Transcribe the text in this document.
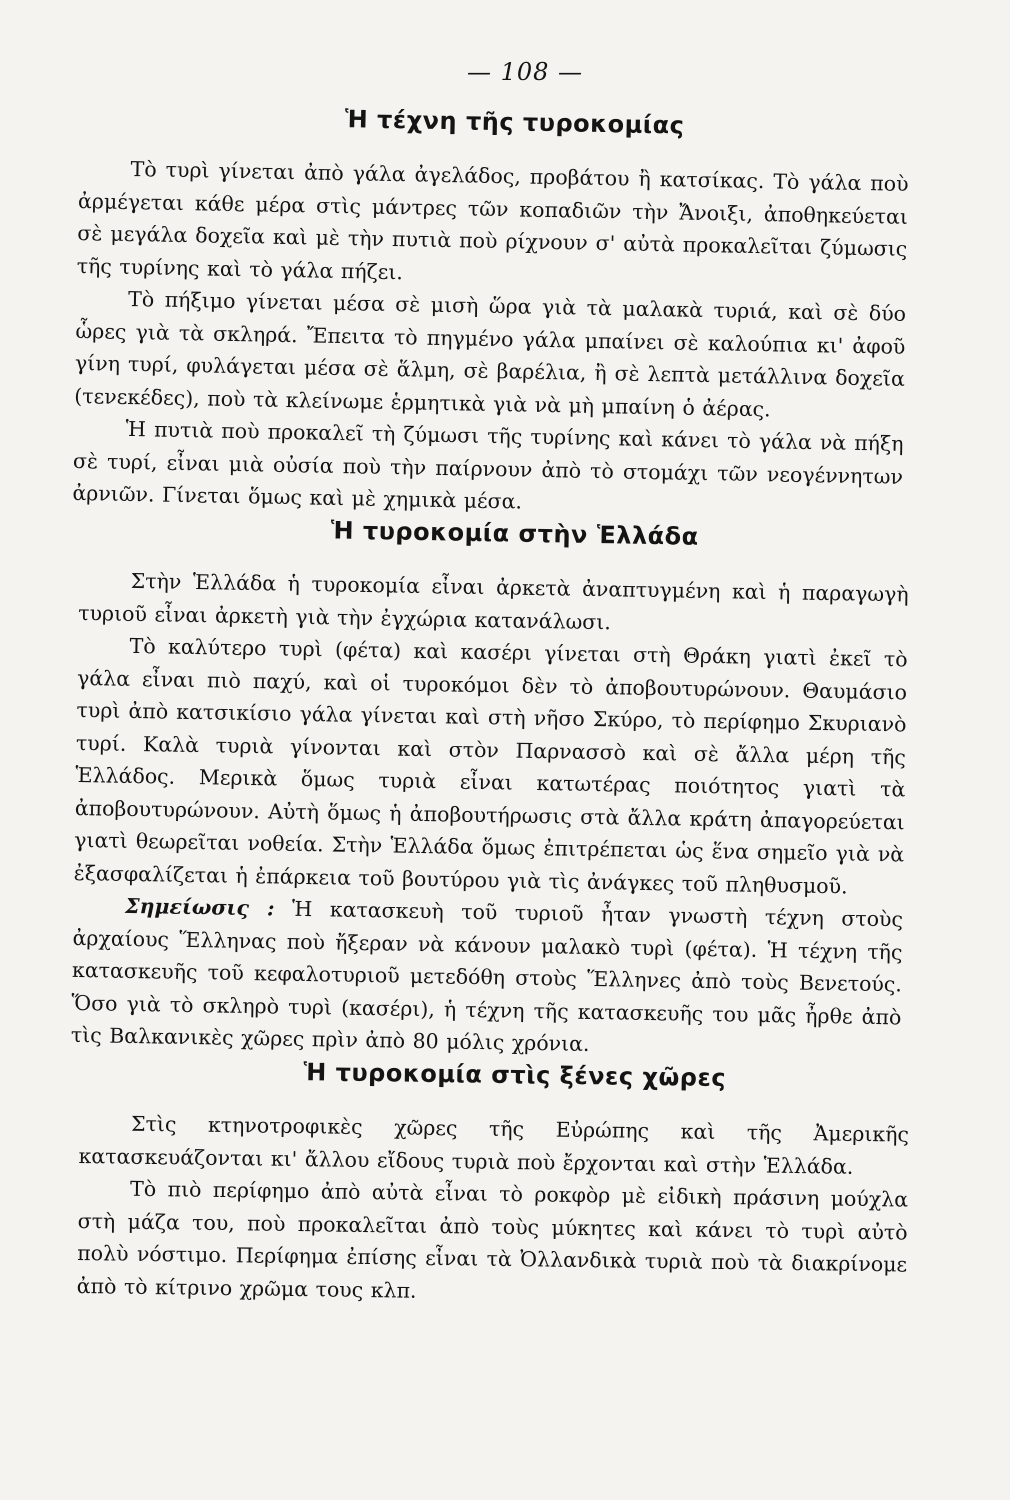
— 108 —
Ἡ τέχνη τῆς τυροκομίας

Τὸ τυρὶ γίνεται ἀπὸ γάλα ἀγελάδος, προβάτου ἢ κατσίκας. Τὸ γάλα ποὺ ἀρμέγεται κάθε μέρα στὶς μάντρες τῶν κοπαδιῶν τὴν Ἄνοιξι, ἀποθηκεύεται σὲ μεγάλα δοχεῖα καὶ μὲ τὴν πυτιὰ ποὺ ρίχνουν σ' αὐτὰ προκαλεῖται ζύμωσις τῆς τυρίνης καὶ τὸ γάλα πήζει.

Τὸ πήξιμο γίνεται μέσα σὲ μισὴ ὥρα γιὰ τὰ μαλακὰ τυριά, καὶ σὲ δύο ὧρες γιὰ τὰ σκληρά. Ἔπειτα τὸ πηγμένο γάλα μπαίνει σὲ καλούπια κι' ἀφοῦ γίνη τυρί, φυλάγεται μέσα σὲ ἅλμη, σὲ βαρέλια, ἢ σὲ λεπτὰ μετάλλινα δοχεῖα (τενεκέδες), ποὺ τὰ κλείνωμε ἑρμητικὰ γιὰ νὰ μὴ μπαίνη ὁ ἀέρας.

Ἡ πυτιὰ ποὺ προκαλεῖ τὴ ζύμωσι τῆς τυρίνης καὶ κάνει τὸ γάλα νὰ πήξη σὲ τυρί, εἶναι μιὰ οὐσία ποὺ τὴν παίρνουν ἀπὸ τὸ στομάχι τῶν νεογέννητων ἀρνιῶν. Γίνεται ὅμως καὶ μὲ χημικὰ μέσα.

Ἡ τυροκομία στὴν Ἑλλάδα

Στὴν Ἑλλάδα ἡ τυροκομία εἶναι ἀρκετὰ ἀναπτυγμένη καὶ ἡ παραγωγὴ τυριοῦ εἶναι ἀρκετὴ γιὰ τὴν ἐγχώρια κατανάλωσι.

Τὸ καλύτερο τυρὶ (φέτα) καὶ κασέρι γίνεται στὴ Θράκη γιατὶ ἐκεῖ τὸ γάλα εἶναι πιὸ παχύ, καὶ οἱ τυροκόμοι δὲν τὸ ἀποβουτυρώνουν. Θαυμάσιο τυρὶ ἀπὸ κατσικίσιο γάλα γίνεται καὶ στὴ νῆσο Σκύρο, τὸ περίφημο Σκυριανὸ τυρί. Καλὰ τυριὰ γίνονται καὶ στὸν Παρνασσὸ καὶ σὲ ἄλλα μέρη τῆς Ἑλλάδος. Μερικὰ ὅμως τυριὰ εἶναι κατωτέρας ποιότητος γιατὶ τὰ ἀποβουτυρώνουν. Αὐτὴ ὅμως ἡ ἀποβουτήρωσις στὰ ἄλλα κράτη ἀπαγορεύεται γιατὶ θεωρεῖται νοθεία. Στὴν Ἑλλάδα ὅμως ἐπιτρέπεται ὡς ἕνα σημεῖο γιὰ νὰ ἐξασφαλίζεται ἡ ἐπάρκεια τοῦ βουτύρου γιὰ τὶς ἀνάγκες τοῦ πληθυσμοῦ.

Σημείωσις : Ἡ κατασκευὴ τοῦ τυριοῦ ἦταν γνωστὴ τέχνη στοὺς ἀρχαίους Ἕλληνας ποὺ ἤξεραν νὰ κάνουν μαλακὸ τυρὶ (φέτα). Ἡ τέχνη τῆς κατασκευῆς τοῦ κεφαλοτυριοῦ μετεδόθη στοὺς Ἕλληνες ἀπὸ τοὺς Βενετούς. Ὅσο γιὰ τὸ σκληρὸ τυρὶ (κασέρι), ἡ τέχνη τῆς κατασκευῆς του μᾶς ἦρθε ἀπὸ τὶς Βαλκανικὲς χῶρες πρὶν ἀπὸ 80 μόλις χρόνια.

Ἡ τυροκομία στὶς ξένες χῶρες

Στὶς κτηνοτροφικὲς χῶρες τῆς Εὐρώπης καὶ τῆς Ἀμερικῆς κατασκευάζονται κι' ἄλλου εἴδους τυριὰ ποὺ ἔρχονται καὶ στὴν Ἑλλάδα.

Τὸ πιὸ περίφημο ἀπὸ αὐτὰ εἶναι τὸ ροκφὸρ μὲ εἰδικὴ πράσινη μούχλα στὴ μάζα του, ποὺ προκαλεῖται ἀπὸ τοὺς μύκητες καὶ κάνει τὸ τυρὶ αὐτὸ πολὺ νόστιμο. Περίφημα ἐπίσης εἶναι τὰ Ὀλλανδικὰ τυριὰ ποὺ τὰ διακρίνομε ἀπὸ τὸ κίτρινο χρῶμα τους κλπ.
